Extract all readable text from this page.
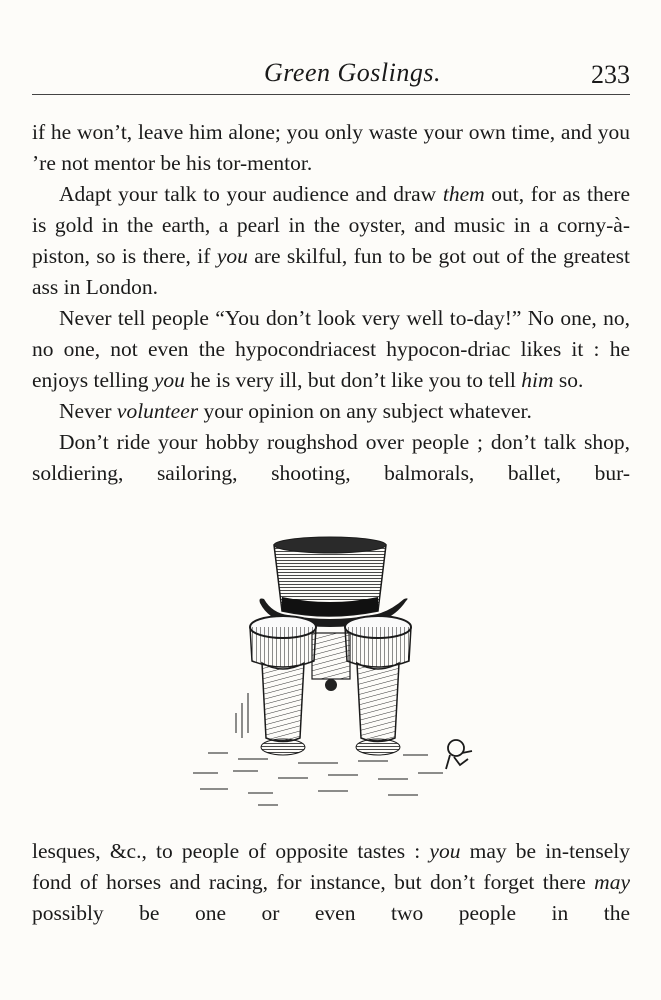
Green Goslings.	233

if he won’t, leave him alone; you only waste your own time, and you ’re not mentor be his tor-mentor.

Adapt your talk to your audience and draw them out, for as there is gold in the earth, a pearl in the oyster, and music in a corny-à-piston, so is there, if you are skilful, fun to be got out of the greatest ass in London.

Never tell people “You don’t look very well to-day!” No one, no, no one, not even the hypocondriacest hypocon-driac likes it : he enjoys telling you he is very ill, but don’t like you to tell him so.

Never volunteer your opinion on any subject whatever.

Don’t ride your hobby roughshod over people ; don’t talk shop, soldiering, sailoring, shooting, balmorals, ballet, bur-

lesques, &c., to people of opposite tastes : you may be in-tensely fond of horses and racing, for instance, but don’t forget there may possibly be one or even two people in the
